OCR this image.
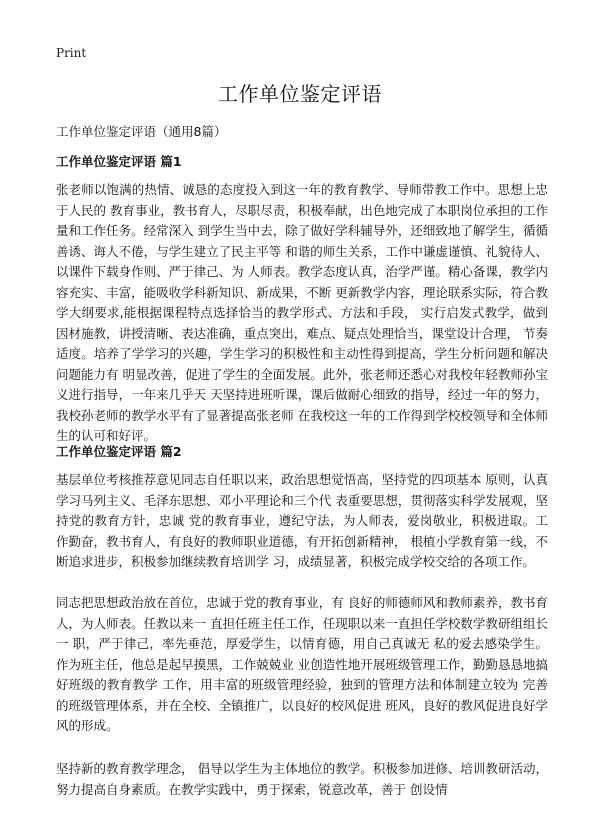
Print
工作单位鉴定评语

工作单位鉴定评语（通用8篇）

工作单位鉴定评语 篇1

张老师以饱满的热情、诚恳的态度投入到这一年的教育教学、导师带教工作中。思想上忠于人民的 教育事业，教书育人，尽职尽责，积极奉献，出色地完成了本职岗位承担的工作量和工作任务。经常深入 到学生当中去，除了做好学科辅导外，还细致地了解学生，循循善诱、诲人不倦，与学生建立了民主平等 和谐的师生关系，工作中谦虚谨慎、礼貌待人、以课件下载身作则、严于律己、为 人师表。教学态度认真，治学严谨。精心备课，教学内容充实、丰富，能吸收学科新知识、新成果，不断 更新教学内容，理论联系实际，符合教学大纲要求,能根据课程特点选择恰当的教学形式、方法和手段， 实行启发式教学，做到因材施教，讲授清晰、表达准确，重点突出，难点、疑点处理恰当，课堂设计合理， 节奏适度。培养了学学习的兴趣，学生学习的积极性和主动性得到提高，学生分析问题和解决问题能力有 明显改善，促进了学生的全面发展。此外，张老师还悉心对我校年轻教师孙宝义进行指导，一年来几乎天 天坚持进班听课，课后做耐心细致的指导，经过一年的努力，我校孙老师的教学水平有了显著提高张老师 在我校这一年的工作得到学校校领导和全体师生的认可和好评。

工作单位鉴定评语 篇2

基层单位考核推荐意见同志自任职以来，政治思想觉悟高，坚持党的四项基本 原则，认真学习马列主义、毛泽东思想、邓小平理论和三个代 表重要思想，贯彻落实科学发展观，坚持党的教育方针，忠诚 党的教育事业，遵纪守法，为人师表，爱岗敬业，积极进取。工 作勤奋，教书育人，有良好的教师职业道德，有开拓创新精神， 根植小学教育第一线，不断追求进步，积极参加继续教育培训学 习，成绩显著，积极完成学校交给的各项工作。

同志把思想政治放在首位，忠诚于党的教育事业，有 良好的师德师风和教师素养，教书育人，为人师表。任教以来一 直担任班主任工作，任现职以来一直担任学校数学教研组组长一 职，严于律己，率先垂范，厚爱学生，以情育德，用自己真诚无 私的爱去感染学生。作为班主任，他总是起早摸黑，工作兢兢业 业创造性地开展班级管理工作，勤勤恳恳地搞好班级的教育教学 工作，用丰富的班级管理经验，独到的管理方法和体制建立较为 完善的班级管理体系，并在全校、全镇推广，以良好的校风促进 班风，良好的教风促进良好学风的形成。

坚持新的教育教学理念， 倡导以学生为主体地位的教学。积极参加进修、培训教研活动，努力提高自身素质。在教学实践中，勇于探索，锐意改革，善于 创设情
